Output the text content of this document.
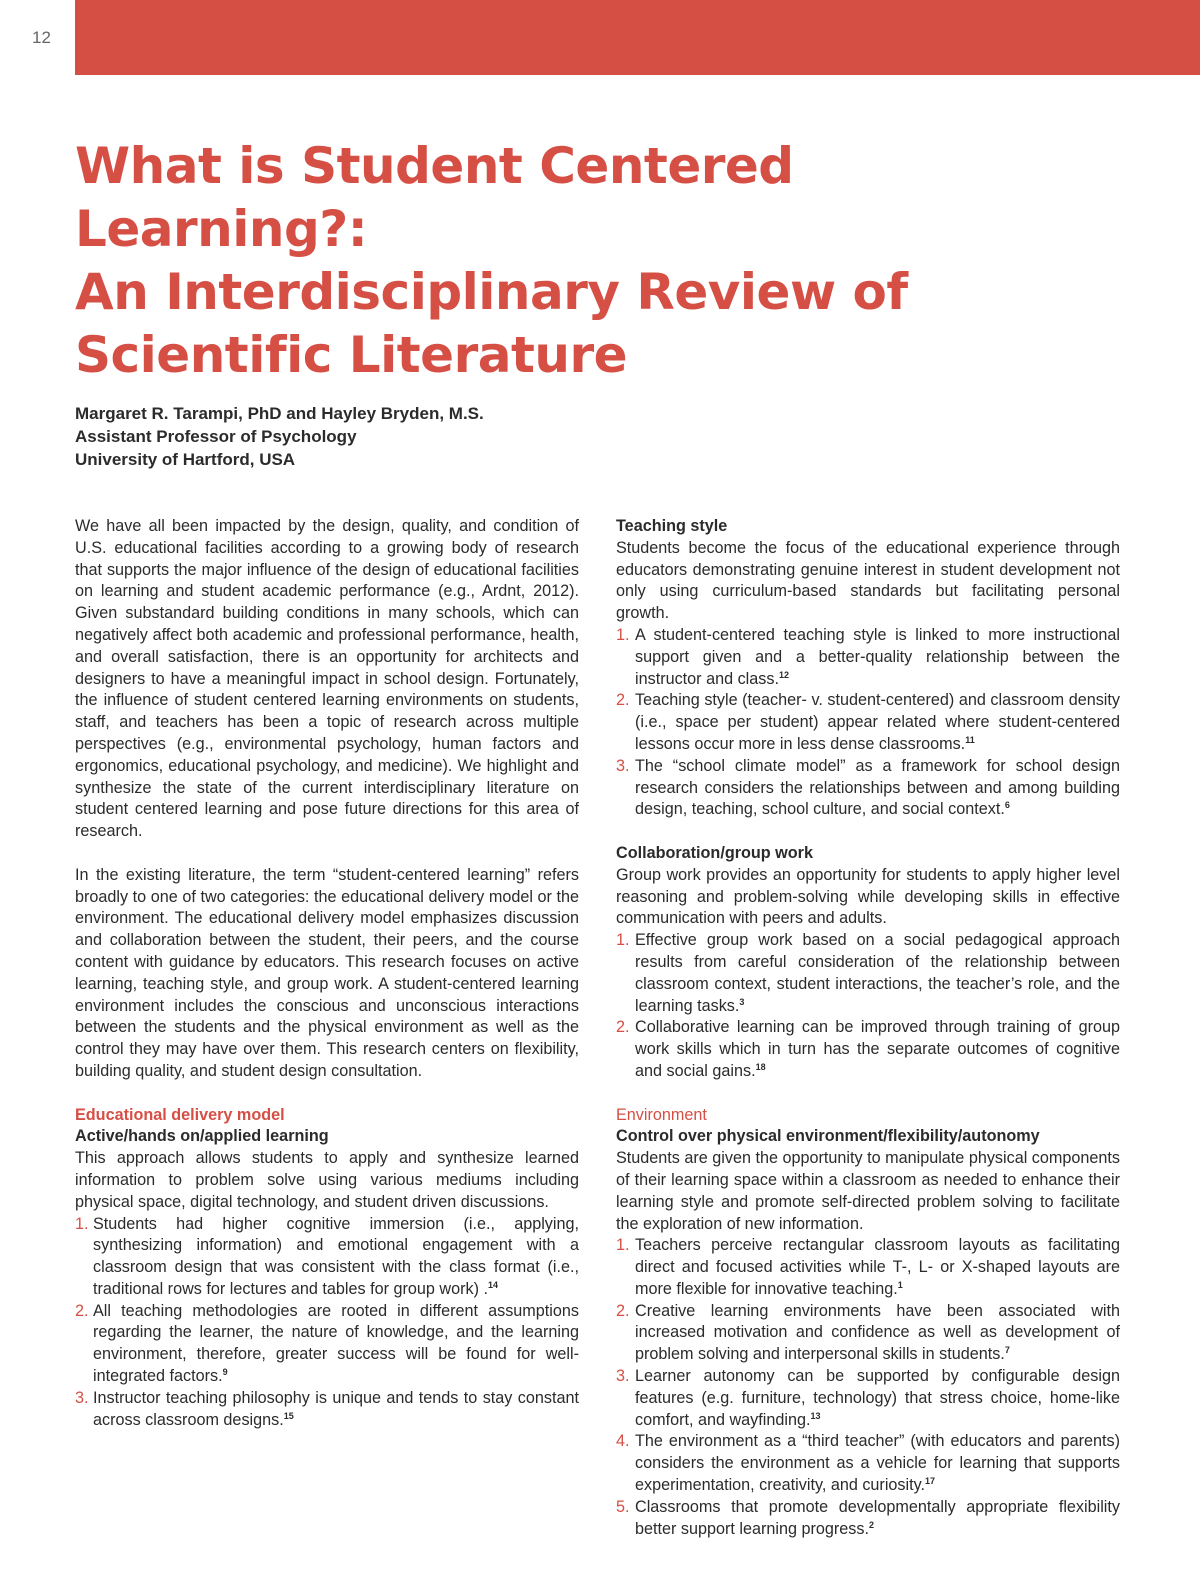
12
What is Student Centered Learning?:
An Interdisciplinary Review of
Scientific Literature
Margaret R. Tarampi, PhD and Hayley Bryden, M.S.
Assistant Professor of Psychology
University of Hartford, USA

We have all been impacted by the design, quality, and condition of U.S. educational facilities according to a growing body of research that supports the major influence of the design of educational facilities on learning and student academic performance (e.g., Ardnt, 2012). Given substandard building conditions in many schools, which can negatively affect both academic and professional performance, health, and overall satisfaction, there is an opportunity for architects and designers to have a meaningful impact in school design. Fortunately, the influence of student centered learning environments on students, staff, and teachers has been a topic of research across multiple perspectives (e.g., environmental psychology, human factors and ergonomics, educational psychology, and medicine). We highlight and synthesize the state of the current interdisciplinary literature on student centered learning and pose future directions for this area of research.

In the existing literature, the term “student-centered learning” refers broadly to one of two categories: the educational delivery model or the environment. The educational delivery model emphasizes discussion and collaboration between the student, their peers, and the course content with guidance by educators. This research focuses on active learning, teaching style, and group work. A student-centered learning environment includes the conscious and unconscious interactions between the students and the physical environment as well as the control they may have over them. This research centers on flexibility, building quality, and student design consultation.

Educational delivery model
Active/hands on/applied learning

This approach allows students to apply and synthesize learned information to problem solve using various mediums including physical space, digital technology, and student driven discussions.

1. Students had higher cognitive immersion (i.e., applying, synthesizing information) and emotional engagement with a classroom design that was consistent with the class format (i.e., traditional rows for lectures and tables for group work) .$^{14}$
2. All teaching methodologies are rooted in different assumptions regarding the learner, the nature of knowledge, and the learning environment, therefore, greater success will be found for well-integrated factors.$^9$
3. Instructor teaching philosophy is unique and tends to stay constant across classroom designs.$^{15}$
Teaching style

Students become the focus of the educational experience through educators demonstrating genuine interest in student development not only using curriculum-based standards but facilitating personal growth.

1. A student-centered teaching style is linked to more instructional support given and a better-quality relationship between the instructor and class.$^{12}$
2. Teaching style (teacher- v. student-centered) and classroom density (i.e., space per student) appear related where student-centered lessons occur more in less dense classrooms.$^{11}$
3. The “school climate model” as a framework for school design research considers the relationships between and among building design, teaching, school culture, and social context.$^6$
Collaboration/group work

Group work provides an opportunity for students to apply higher level reasoning and problem-solving while developing skills in effective communication with peers and adults.

1. Effective group work based on a social pedagogical approach results from careful consideration of the relationship between classroom context, student interactions, the teacher’s role, and the learning tasks.$^3$
2. Collaborative learning can be improved through training of group work skills which in turn has the separate outcomes of cognitive and social gains.$^{18}$
Environment
Control over physical environment/flexibility/autonomy

Students are given the opportunity to manipulate physical components of their learning space within a classroom as needed to enhance their learning style and promote self-directed problem solving to facilitate the exploration of new information.

1. Teachers perceive rectangular classroom layouts as facilitating direct and focused activities while T-, L- or X-shaped layouts are more flexible for innovative teaching.$^1$
2. Creative learning environments have been associated with increased motivation and confidence as well as development of problem solving and interpersonal skills in students.$^7$
3. Learner autonomy can be supported by configurable design features (e.g. furniture, technology) that stress choice, home-like comfort, and wayfinding.$^{13}$
4. The environment as a “third teacher” (with educators and parents) considers the environment as a vehicle for learning that supports experimentation, creativity, and curiosity.$^{17}$
5. Classrooms that promote developmentally appropriate flexibility better support learning progress.$^2$
